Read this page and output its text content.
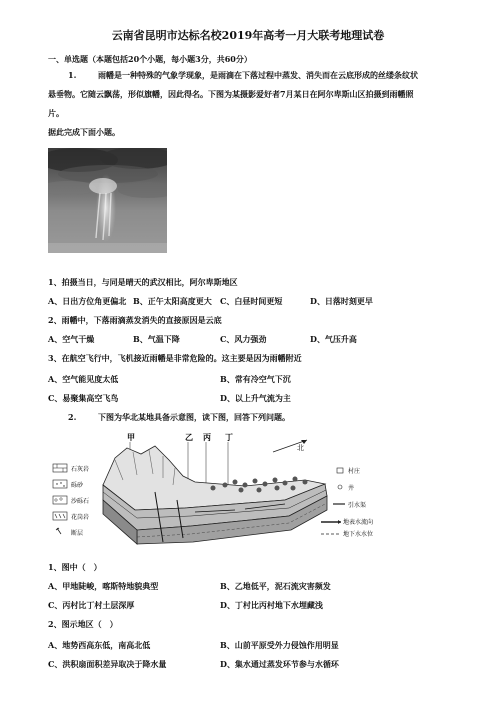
云南省昆明市达标名校2019年高考一月大联考地理试卷
一、单选题（本题包括20个小题，每小题3分，共60分）
1.	雨幡是一种特殊的气象学现象，是雨滴在下落过程中蒸发、消失而在云底形成的丝缕条纹状
悬垂物。它随云飘荡，形似旗幡，因此得名。下图为某摄影爱好者7月某日在阿尔卑斯山区拍摄到雨幡照
片。
据此完成下面小题。
1、拍摄当日，与同是晴天的武汉相比，阿尔卑斯地区
A、日出方位角更偏北 B、正午太阳高度更大 C、白昼时间更短	D、日落时刻更早
2、雨幡中，下落雨滴蒸发消失的直接原因是云底
A、空气干燥	B、气温下降	C、风力强劲	D、气压升高
3、在航空飞行中，飞机接近雨幡是非常危险的。这主要是因为雨幡附近
A、空气能见度太低	B、常有冷空气下沉
C、易聚集高空飞鸟	D、以上升气流为主
2.	下图为华北某地具备示意图，读下图，回答下列问题。
石灰岩
砾砂
沙砾石
花岗岩
断层
甲	乙 丙 丁
北
村庄
井
引水渠
地表水流向
地下水水位
1、图中（　）
A、甲地陡峻，喀斯特地貌典型	B、乙地低平，泥石流灾害频发
C、丙村比丁村土层深厚	D、丁村比丙村地下水埋藏浅
2、图示地区（　）
A、地势西高东低，南高北低	B、山前平原受外力侵蚀作用明显
C、洪积扇面积差异取决于降水量	D、集水通过蒸发环节参与水循环
